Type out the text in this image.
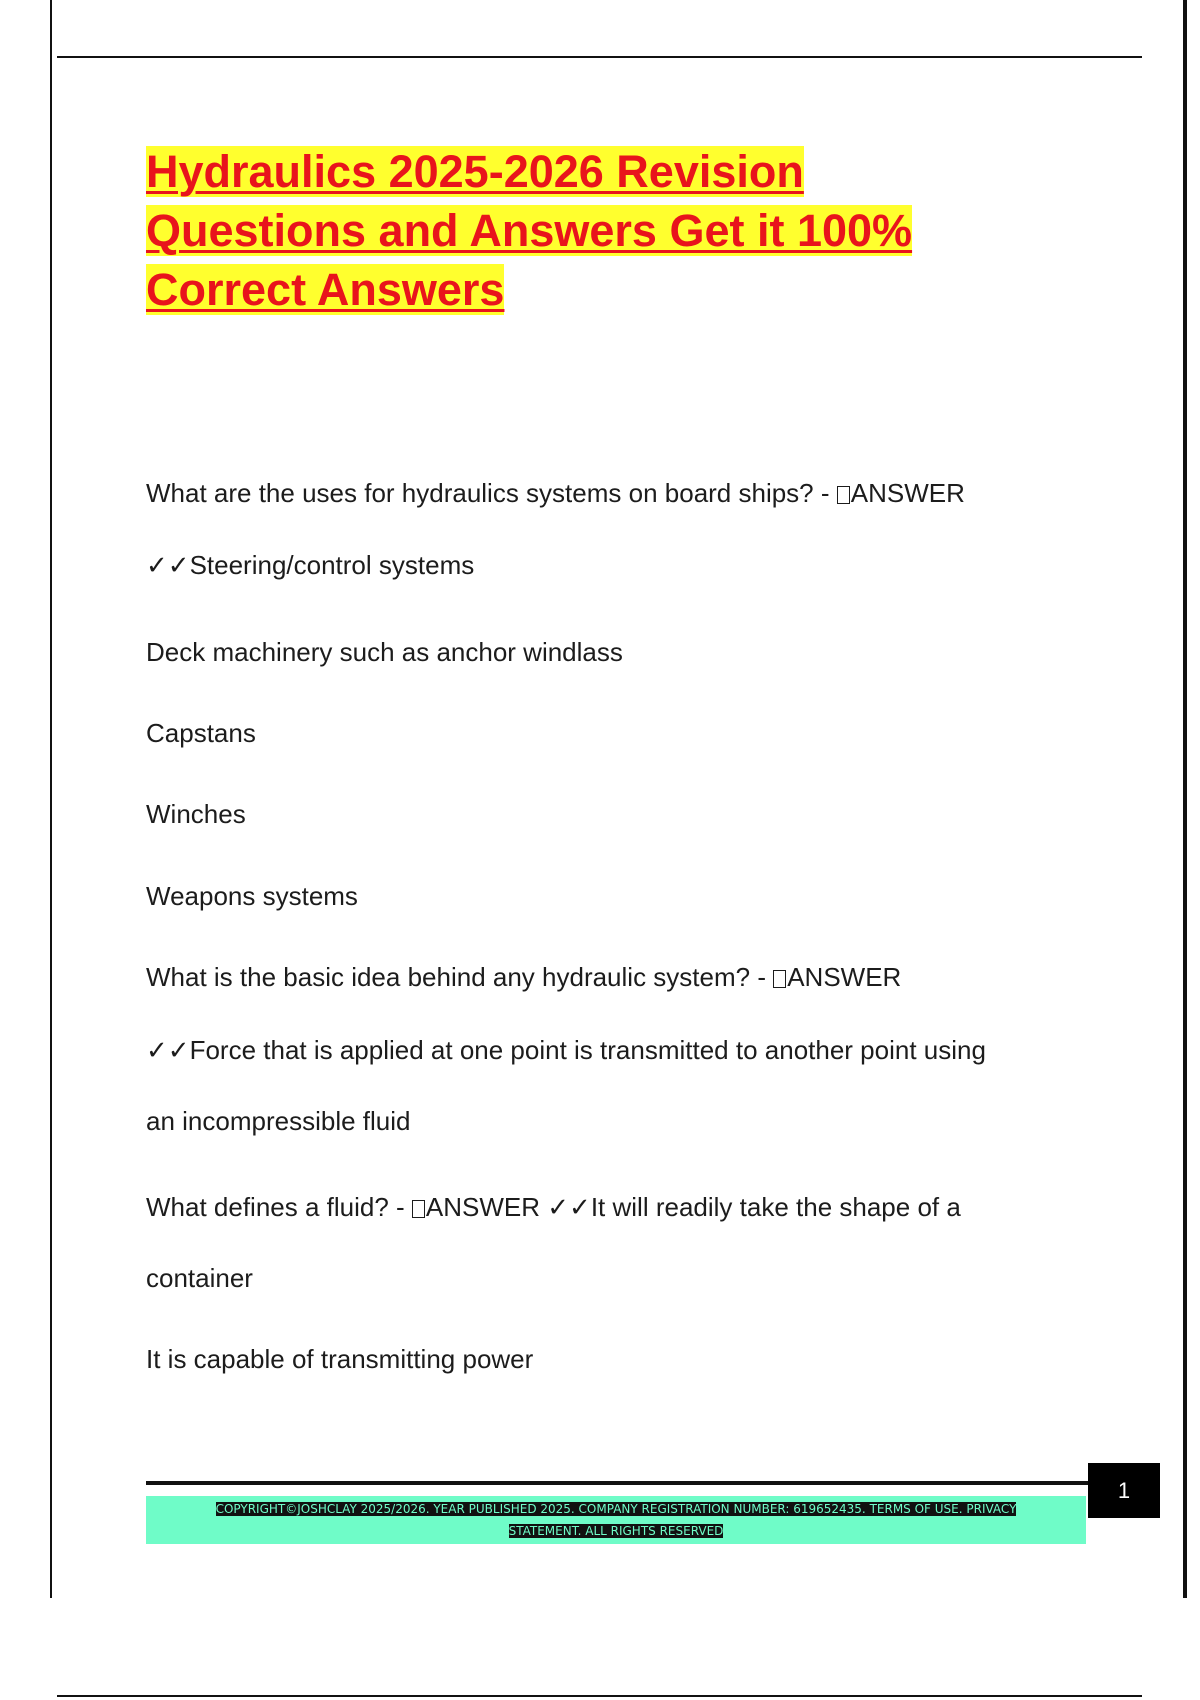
Hydraulics 2025-2026 Revision
Questions and Answers Get it 100%
Correct Answers

What are the uses for hydraulics systems on board ships? - ANSWER

✓✓Steering/control systems

Deck machinery such as anchor windlass

Capstans

Winches

Weapons systems

What is the basic idea behind any hydraulic system? - ANSWER

✓✓Force that is applied at one point is transmitted to another point using

an incompressible fluid

What defines a fluid? - ANSWER ✓✓It will readily take the shape of a

container

It is capable of transmitting power

1
COPYRIGHT©JOSHCLAY 2025/2026. YEAR PUBLISHED 2025. COMPANY REGISTRATION NUMBER: 619652435. TERMS OF USE. PRIVACY
STATEMENT. ALL RIGHTS RESERVED
